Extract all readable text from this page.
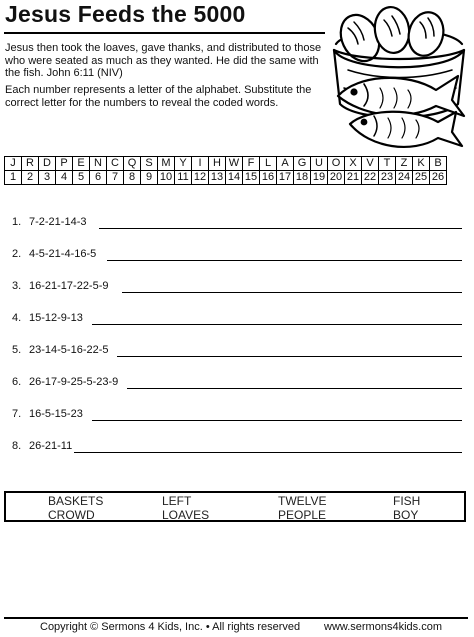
Jesus Feeds the 5000
Jesus then took the loaves, gave thanks, and distributed to those who were seated as much as they wanted. He did the same with the fish. John 6:11 (NIV)
Each number represents a letter of the alphabet. Substitute the correct letter for the numbers to reveal the coded words.
J	R	D	P	E	N	C	Q	S	M	Y	I	H	W	F	L	A	G	U	O	X	V	T	Z	K	B
1	2	3	4	5	6	7	8	9	10	11	12	13	14	15	16	17	18	19	20	21	22	23	24	25	26
1. 7-2-21-14-3
2. 4-5-21-4-16-5
3. 16-21-17-22-5-9
4. 15-12-9-13
5. 23-14-5-16-22-5
6. 26-17-9-25-5-23-9
7. 16-5-15-23
8. 26-21-11
BASKETS	LEFT	TWELVE	FISH
CROWD	LOAVES	PEOPLE	BOY
Copyright © Sermons 4 Kids, Inc. • All rights reserved www.sermons4kids.com
